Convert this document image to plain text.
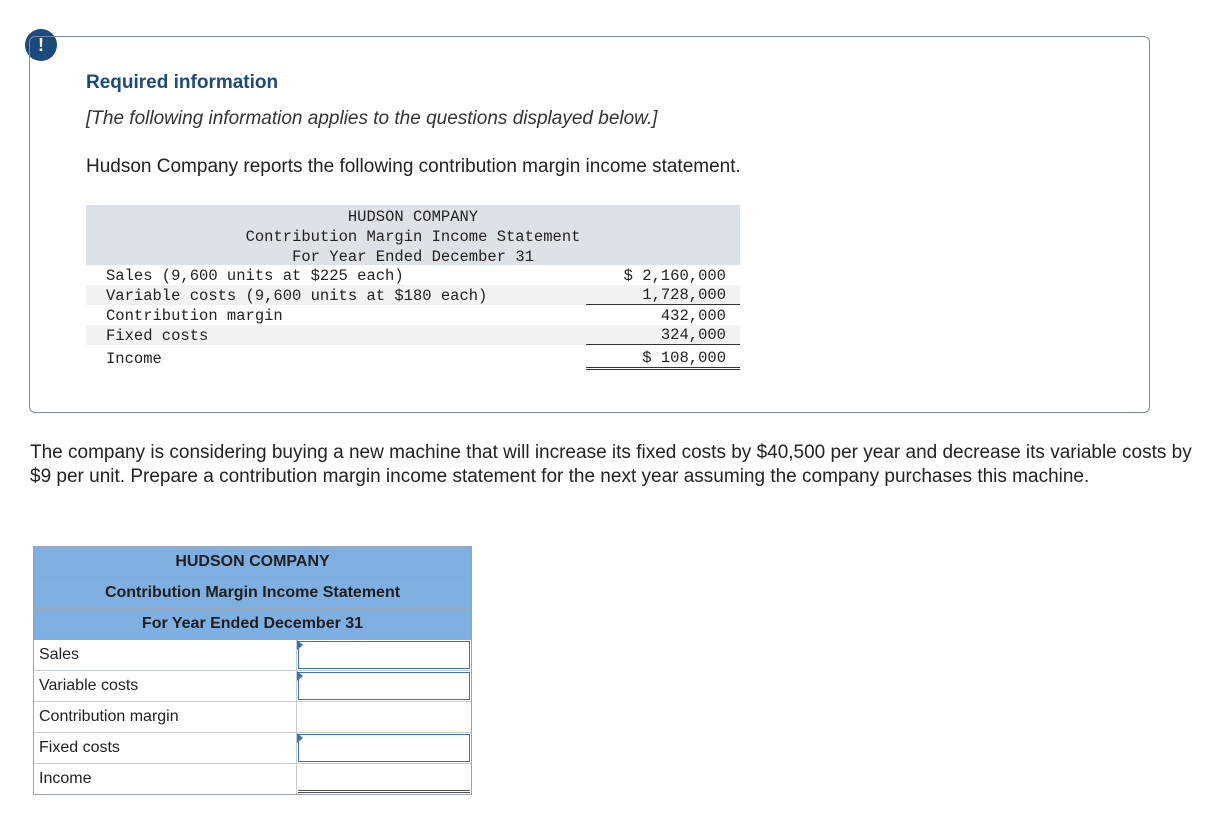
!
Required information
[The following information applies to the questions displayed below.]
Hudson Company reports the following contribution margin income statement.
HUDSON COMPANY
Contribution Margin Income Statement
For Year Ended December 31
Sales (9,600 units at $225 each)	$ 2,160,000
Variable costs (9,600 units at $180 each)	1,728,000
Contribution margin	432,000
Fixed costs	324,000
Income	$ 108,000
The company is considering buying a new machine that will increase its fixed costs by $40,500 per year and decrease its variable costs by $9 per unit. Prepare a contribution margin income statement for the next year assuming the company purchases this machine.
HUDSON COMPANY
Contribution Margin Income Statement
For Year Ended December 31
Sales
Variable costs
Contribution margin
Fixed costs
Income
